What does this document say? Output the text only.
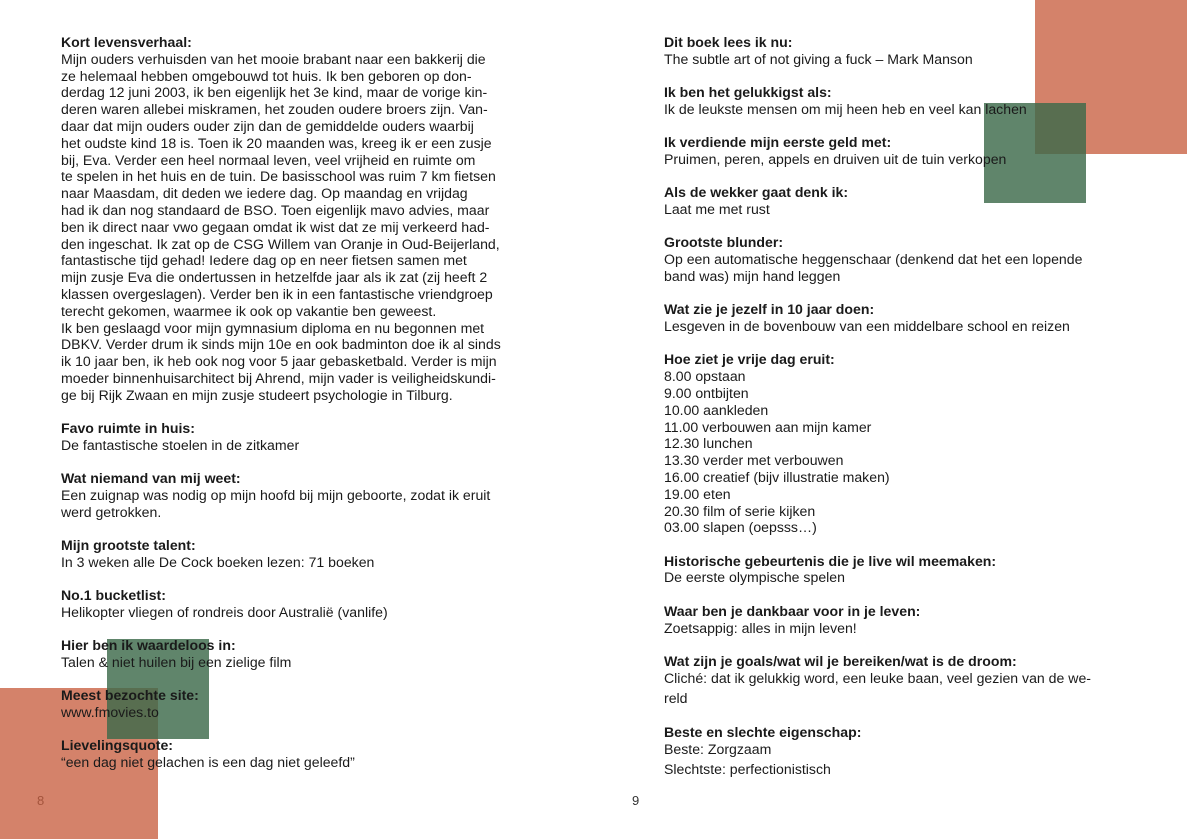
Kort levensverhaal:
Mijn ouders verhuisden van het mooie brabant naar een bakkerij die
ze helemaal hebben omgebouwd tot huis. Ik ben geboren op don-
derdag 12 juni 2003, ik ben eigenlijk het 3e kind, maar de vorige kin-
deren waren allebei miskramen, het zouden oudere broers zijn. Van-
daar dat mijn ouders ouder zijn dan de gemiddelde ouders waarbij
het oudste kind 18 is. Toen ik 20 maanden was, kreeg ik er een zusje
bij, Eva. Verder een heel normaal leven, veel vrijheid en ruimte om
te spelen in het huis en de tuin. De basisschool was ruim 7 km fietsen
naar Maasdam, dit deden we iedere dag. Op maandag en vrijdag
had ik dan nog standaard de BSO. Toen eigenlijk mavo advies, maar
ben ik direct naar vwo gegaan omdat ik wist dat ze mij verkeerd had-
den ingeschat. Ik zat op de CSG Willem van Oranje in Oud-Beijerland,
fantastische tijd gehad! Iedere dag op en neer fietsen samen met
mijn zusje Eva die ondertussen in hetzelfde jaar als ik zat (zij heeft 2
klassen overgeslagen). Verder ben ik in een fantastische vriendgroep
terecht gekomen, waarmee ik ook op vakantie ben geweest.
Ik ben geslaagd voor mijn gymnasium diploma en nu begonnen met
DBKV. Verder drum ik sinds mijn 10e en ook badminton doe ik al sinds
ik 10 jaar ben, ik heb ook nog voor 5 jaar gebasketbald. Verder is mijn
moeder binnenhuisarchitect bij Ahrend, mijn vader is veiligheidskundi-
ge bij Rijk Zwaan en mijn zusje studeert psychologie in Tilburg.
Favo ruimte in huis:
De fantastische stoelen in de zitkamer
Wat niemand van mij weet:
Een zuignap was nodig op mijn hoofd bij mijn geboorte, zodat ik eruit
werd getrokken.
Mijn grootste talent:
In 3 weken alle De Cock boeken lezen: 71 boeken
No.1 bucketlist:
Helikopter vliegen of rondreis door Australië (vanlife)
Hier ben ik waardeloos in:
Talen & niet huilen bij een zielige film
Meest bezochte site:
www.fmovies.to
Lievelingsquote:
“een dag niet gelachen is een dag niet geleefd”
Dit boek lees ik nu:
The subtle art of not giving a fuck – Mark Manson
Ik ben het gelukkigst als:
Ik de leukste mensen om mij heen heb en veel kan lachen
Ik verdiende mijn eerste geld met:
Pruimen, peren, appels en druiven uit de tuin verkopen
Als de wekker gaat denk ik:
Laat me met rust
Grootste blunder:
Op een automatische heggenschaar (denkend dat het een lopende
band was) mijn hand leggen
Wat zie je jezelf in 10 jaar doen:
Lesgeven in de bovenbouw van een middelbare school en reizen
Hoe ziet je vrije dag eruit:
8.00 opstaan
9.00 ontbijten
10.00 aankleden
11.00 verbouwen aan mijn kamer
12.30 lunchen
13.30 verder met verbouwen
16.00 creatief (bijv illustratie maken)
19.00 eten
20.30 film of serie kijken
03.00 slapen (oepsss…)
Historische gebeurtenis die je live wil meemaken:
De eerste olympische spelen
Waar ben je dankbaar voor in je leven:
Zoetsappig: alles in mijn leven!
Wat zijn je goals/wat wil je bereiken/wat is de droom:
Cliché: dat ik gelukkig word, een leuke baan, veel gezien van de we-
reld
Beste en slechte eigenschap:
Beste: Zorgzaam
Slechtste: perfectionistisch
8	9
